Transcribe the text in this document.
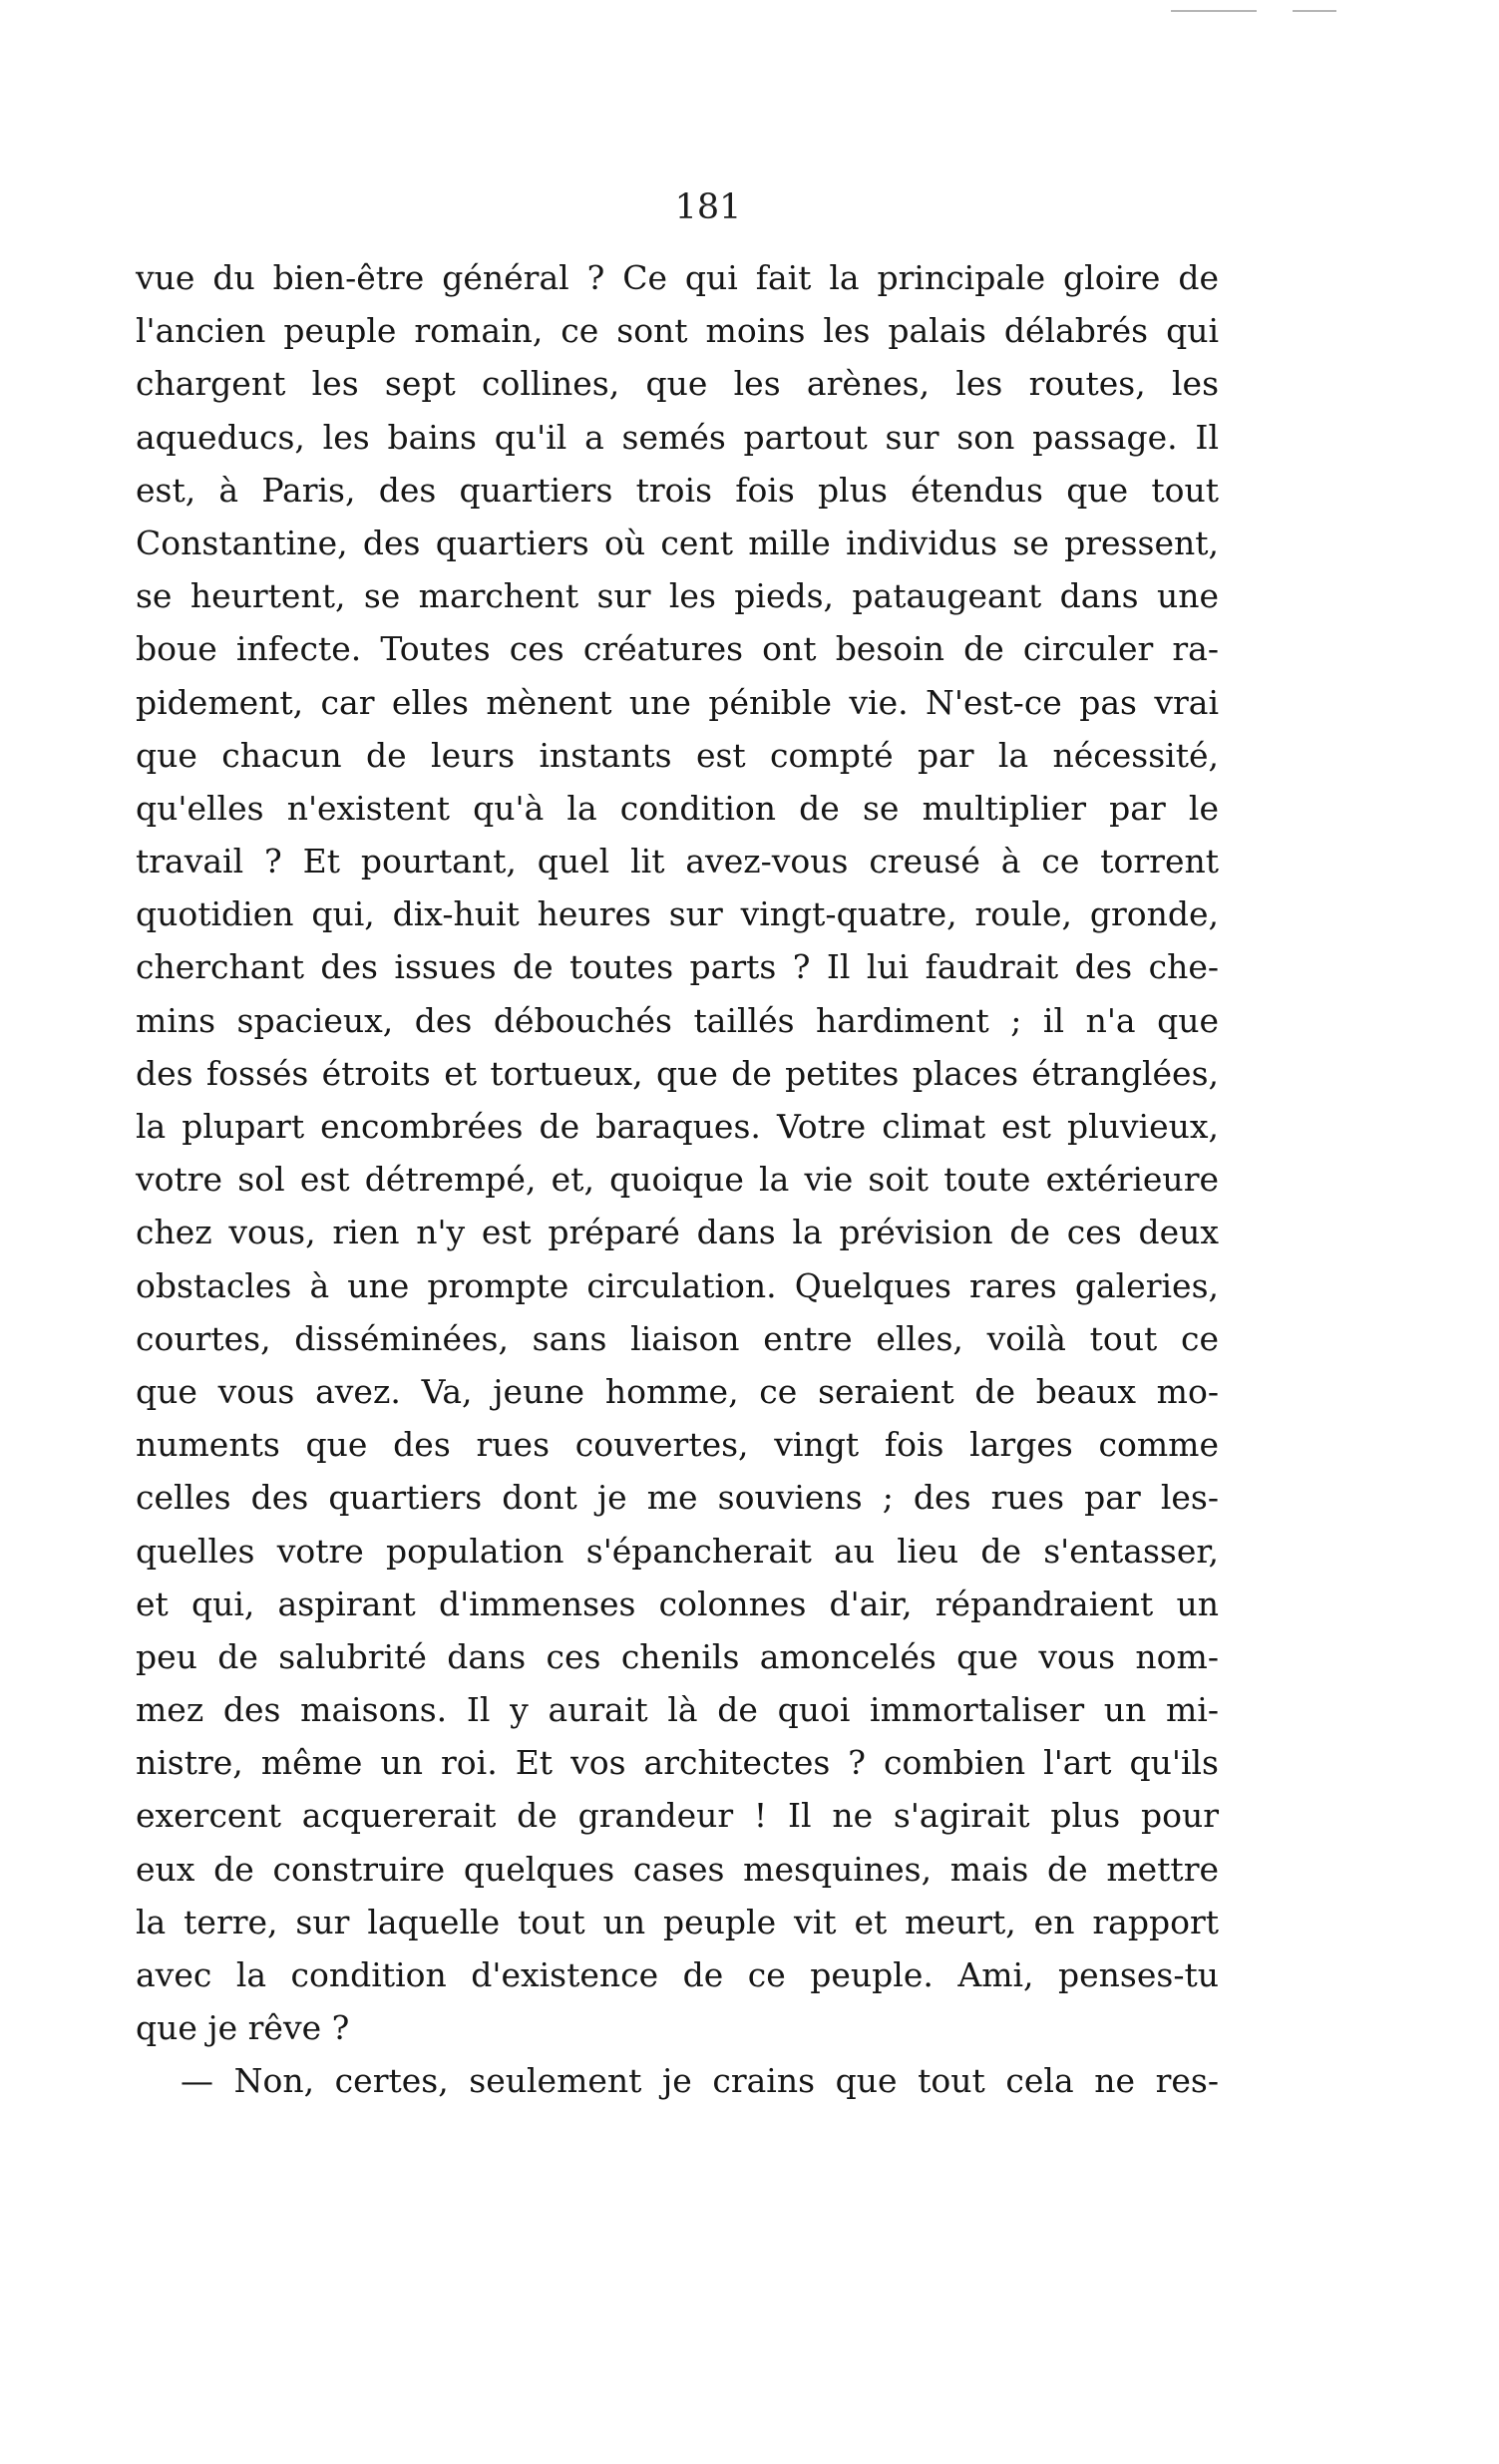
181
vue du bien-être général ? Ce qui fait la principale gloire de
l'ancien peuple romain, ce sont moins les palais délabrés qui
chargent les sept collines, que les arènes, les routes, les
aqueducs, les bains qu'il a semés partout sur son passage. Il
est, à Paris, des quartiers trois fois plus étendus que tout
Constantine, des quartiers où cent mille individus se pressent,
se heurtent, se marchent sur les pieds, pataugeant dans une
boue infecte. Toutes ces créatures ont besoin de circuler ra-
pidement, car elles mènent une pénible vie. N'est-ce pas vrai
que chacun de leurs instants est compté par la nécessité,
qu'elles n'existent qu'à la condition de se multiplier par le
travail ? Et pourtant, quel lit avez-vous creusé à ce torrent
quotidien qui, dix-huit heures sur vingt-quatre, roule, gronde,
cherchant des issues de toutes parts ? Il lui faudrait des che-
mins spacieux, des débouchés taillés hardiment ; il n'a que
des fossés étroits et tortueux, que de petites places étranglées,
la plupart encombrées de baraques. Votre climat est pluvieux,
votre sol est détrempé, et, quoique la vie soit toute extérieure
chez vous, rien n'y est préparé dans la prévision de ces deux
obstacles à une prompte circulation. Quelques rares galeries,
courtes, disséminées, sans liaison entre elles, voilà tout ce
que vous avez. Va, jeune homme, ce seraient de beaux mo-
numents que des rues couvertes, vingt fois larges comme
celles des quartiers dont je me souviens ; des rues par les-
quelles votre population s'épancherait au lieu de s'entasser,
et qui, aspirant d'immenses colonnes d'air, répandraient un
peu de salubrité dans ces chenils amoncelés que vous nom-
mez des maisons. Il y aurait là de quoi immortaliser un mi-
nistre, même un roi. Et vos architectes ? combien l'art qu'ils
exercent acquererait de grandeur ! Il ne s'agirait plus pour
eux de construire quelques cases mesquines, mais de mettre
la terre, sur laquelle tout un peuple vit et meurt, en rapport
avec la condition d'existence de ce peuple. Ami, penses-tu
que je rêve ?
— Non, certes, seulement je crains que tout cela ne res-
